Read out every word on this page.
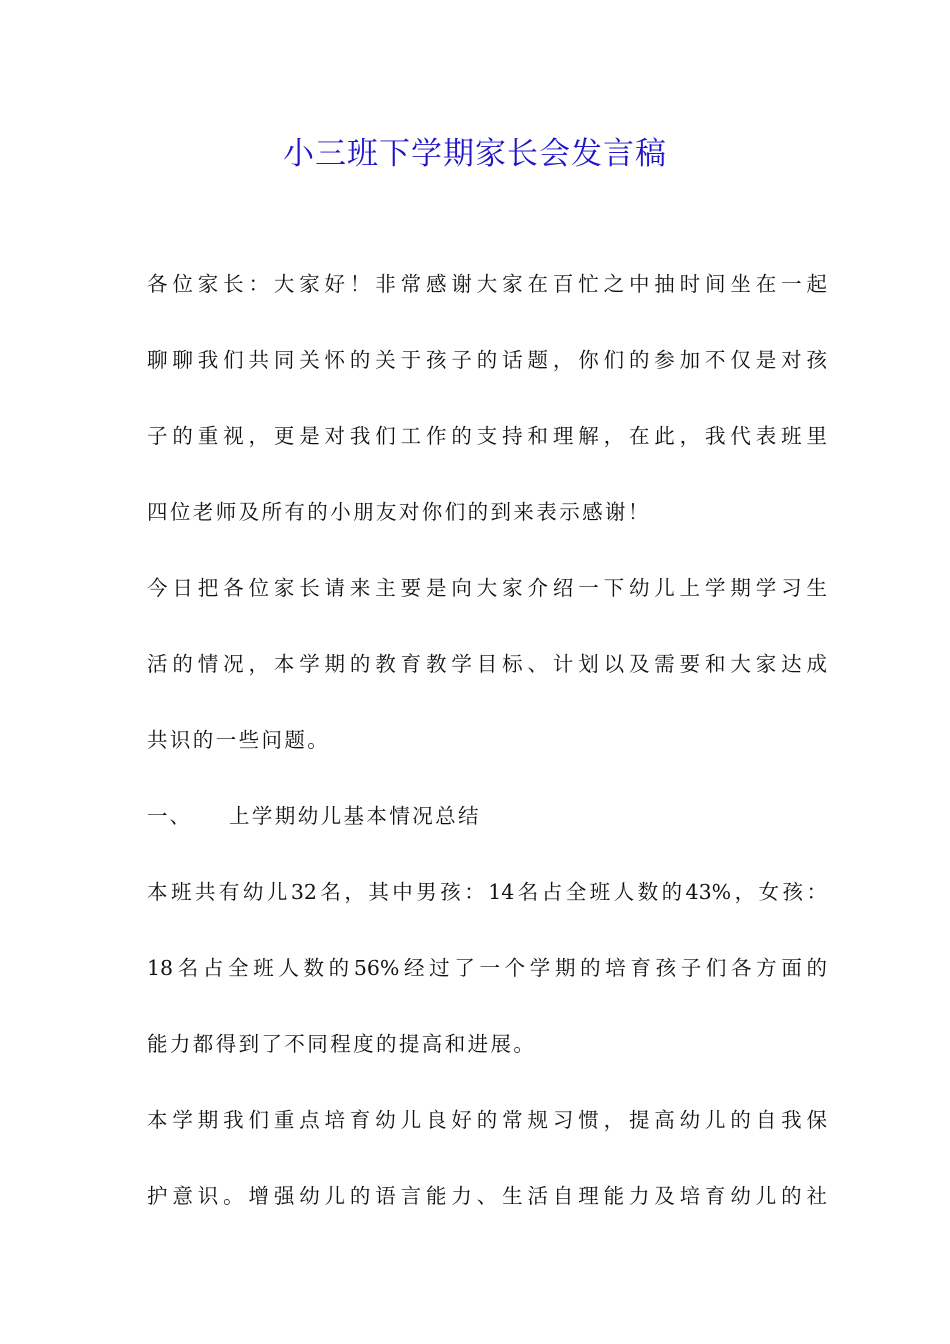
小三班下学期家长会发言稿
各位家长：大家好！非常感谢大家在百忙之中抽时间坐在一起
聊聊我们共同关怀的关于孩子的话题，你们的参加不仅是对孩
子的重视，更是对我们工作的支持和理解，在此，我代表班里
四位老师及所有的小朋友对你们的到来表示感谢！
今日把各位家长请来主要是向大家介绍一下幼儿上学期学习生
活的情况，本学期的教育教学目标、计划以及需要和大家达成
共识的一些问题。
一、	上学期幼儿基本情况总结
本班共有幼儿32名，其中男孩：14名占全班人数的43%，女孩：
18名占全班人数的56%经过了一个学期的培育孩子们各方面的
能力都得到了不同程度的提高和进展。
本学期我们重点培育幼儿良好的常规习惯，提高幼儿的自我保
护意识。增强幼儿的语言能力、生活自理能力及培育幼儿的社
